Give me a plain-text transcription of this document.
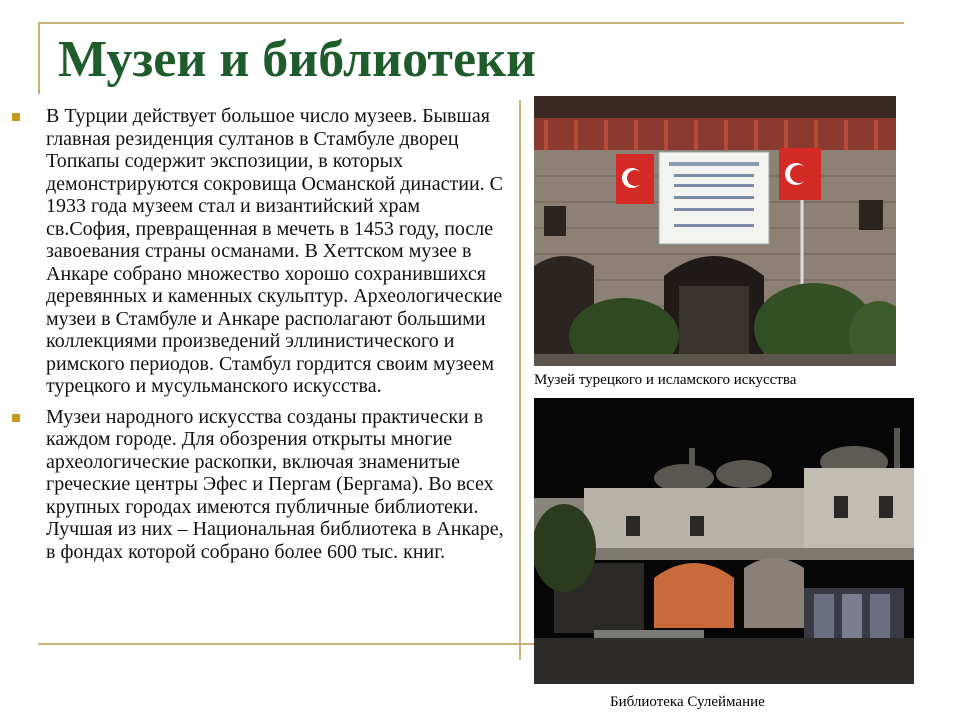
Музеи и библиотеки

В Турции действует большое число музеев. Бывшая главная резиденция султанов в Стамбуле дворец Топкапы содержит экспозиции, в которых демонстрируются сокровища Османской династии. С 1933 года музеем стал и византийский храм св.София, превращенная в мечеть в 1453 году, после завоевания страны османами. В Хеттском музее в Анкаре собрано множество хорошо сохранившихся деревянных и каменных скульптур. Археологические музеи в Стамбуле и Анкаре располагают большими коллекциями произведений эллинистического и римского периодов. Стамбул гордится своим музеем турецкого и мусульманского искусства.

Музеи народного искусства созданы практически в каждом городе. Для обозрения открыты многие археологические раскопки, включая знаменитые греческие центры Эфес и Пергам (Бергама). Во всех крупных городах имеются публичные библиотеки. Лучшая из них – Национальная библиотека в Анкаре, в фондах которой собрано более 600 тыс. книг.

Музей турецкого и исламского искусства
Библиотека Сулеймание
